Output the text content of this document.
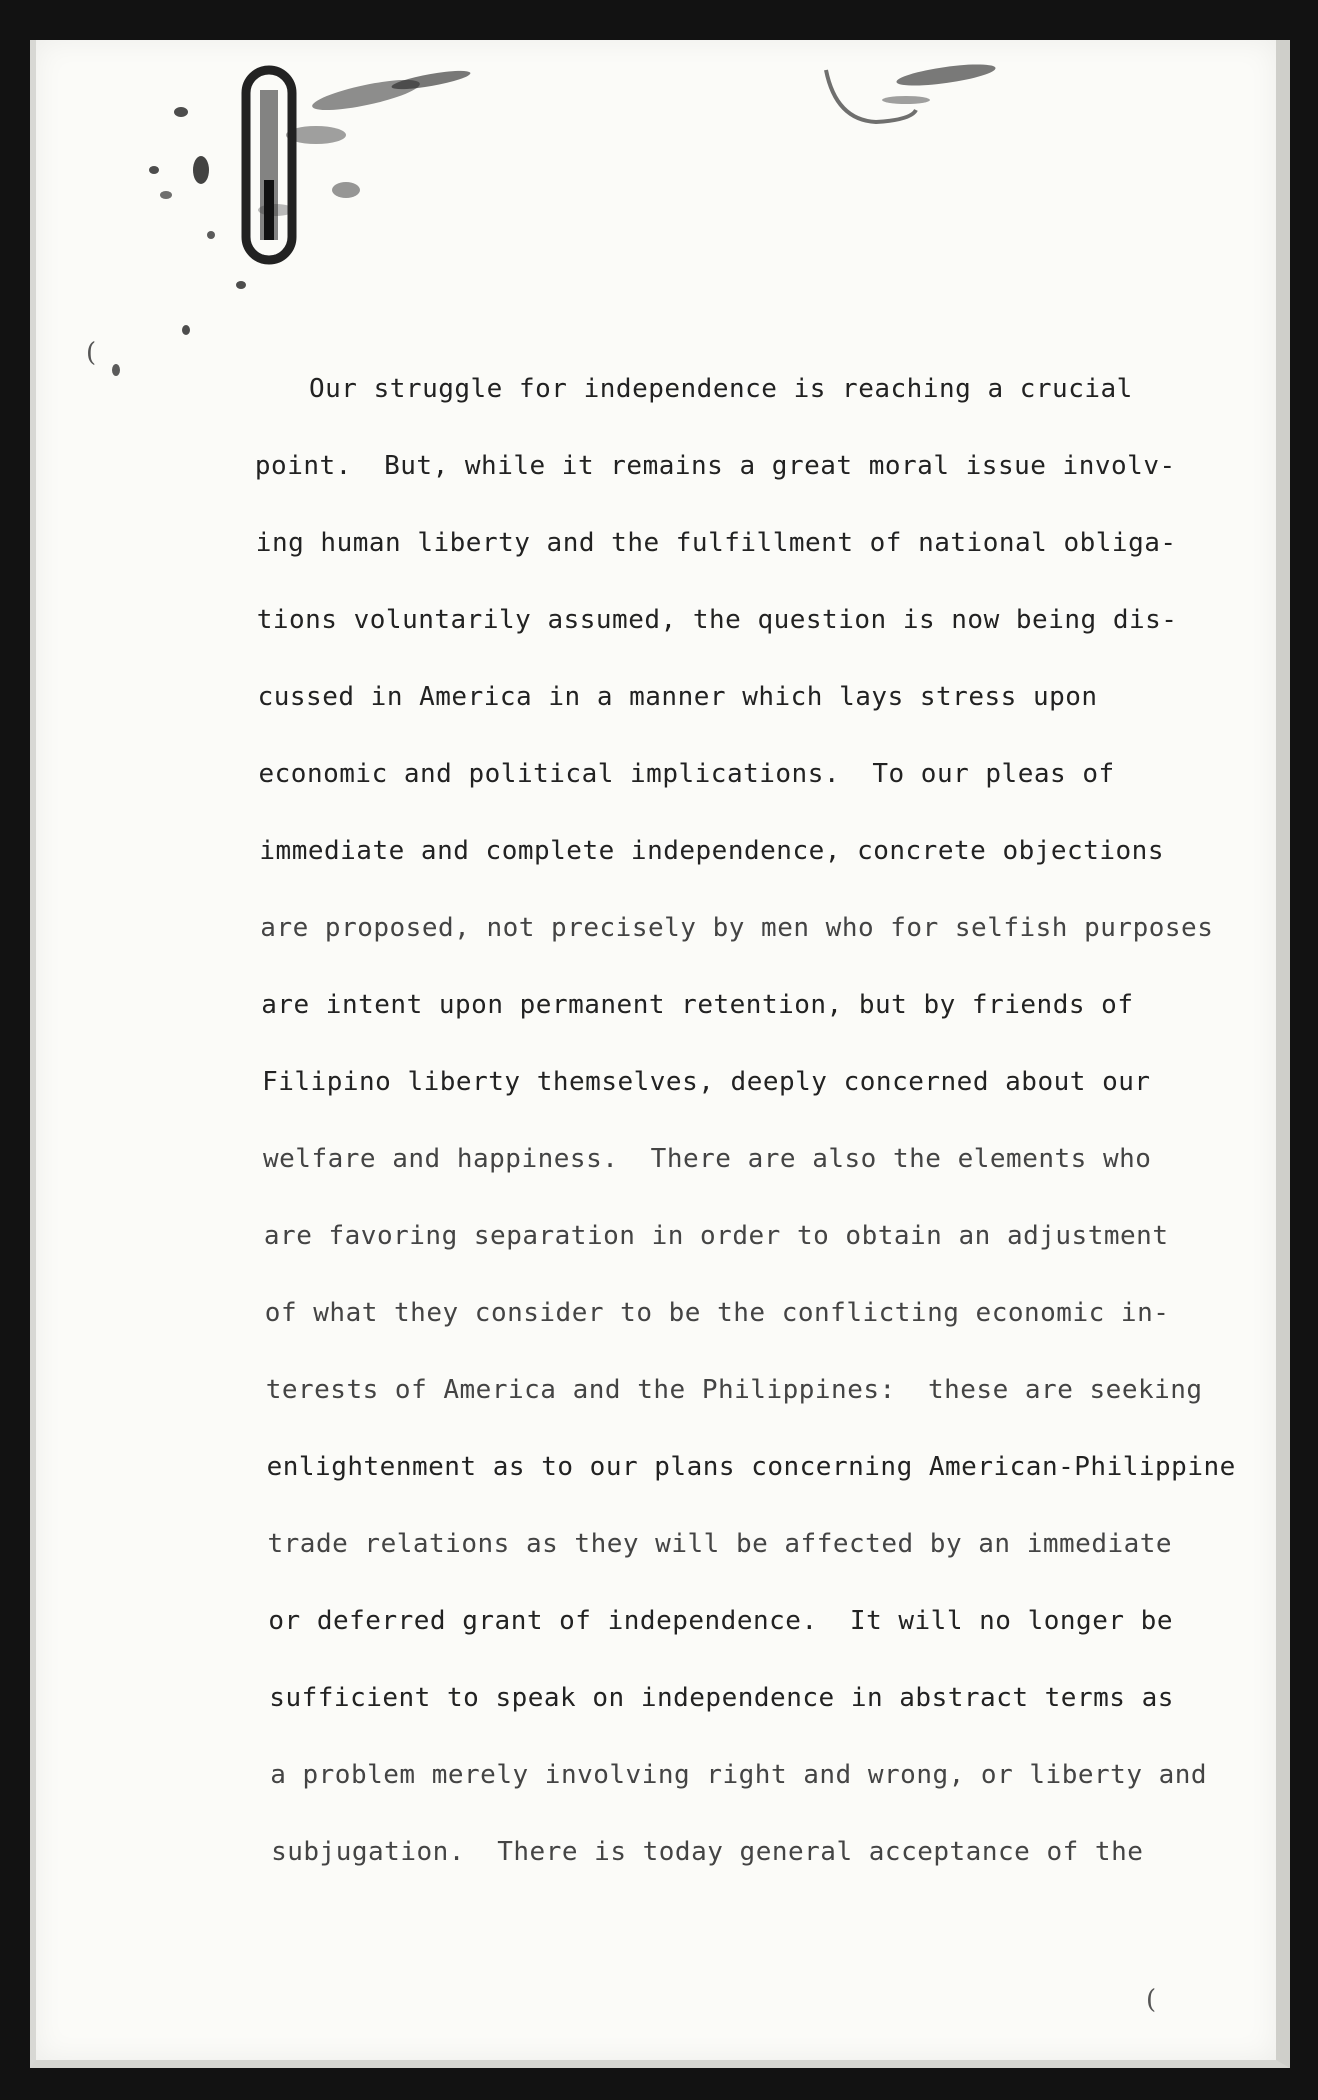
(
(
Our struggle for independence is reaching a crucial
point.  But, while it remains a great moral issue involv-
ing human liberty and the fulfillment of national obliga-
tions voluntarily assumed, the question is now being dis-
cussed in America in a manner which lays stress upon
economic and political implications.  To our pleas of
immediate and complete independence, concrete objections
are proposed, not precisely by men who for selfish purposes
are intent upon permanent retention, but by friends of
Filipino liberty themselves, deeply concerned about our
welfare and happiness.  There are also the elements who
are favoring separation in order to obtain an adjustment
of what they consider to be the conflicting economic in-
terests of America and the Philippines:  these are seeking
enlightenment as to our plans concerning American-Philippine
trade relations as they will be affected by an immediate
or deferred grant of independence.  It will no longer be
sufficient to speak on independence in abstract terms as
a problem merely involving right and wrong, or liberty and
subjugation.  There is today general acceptance of the
